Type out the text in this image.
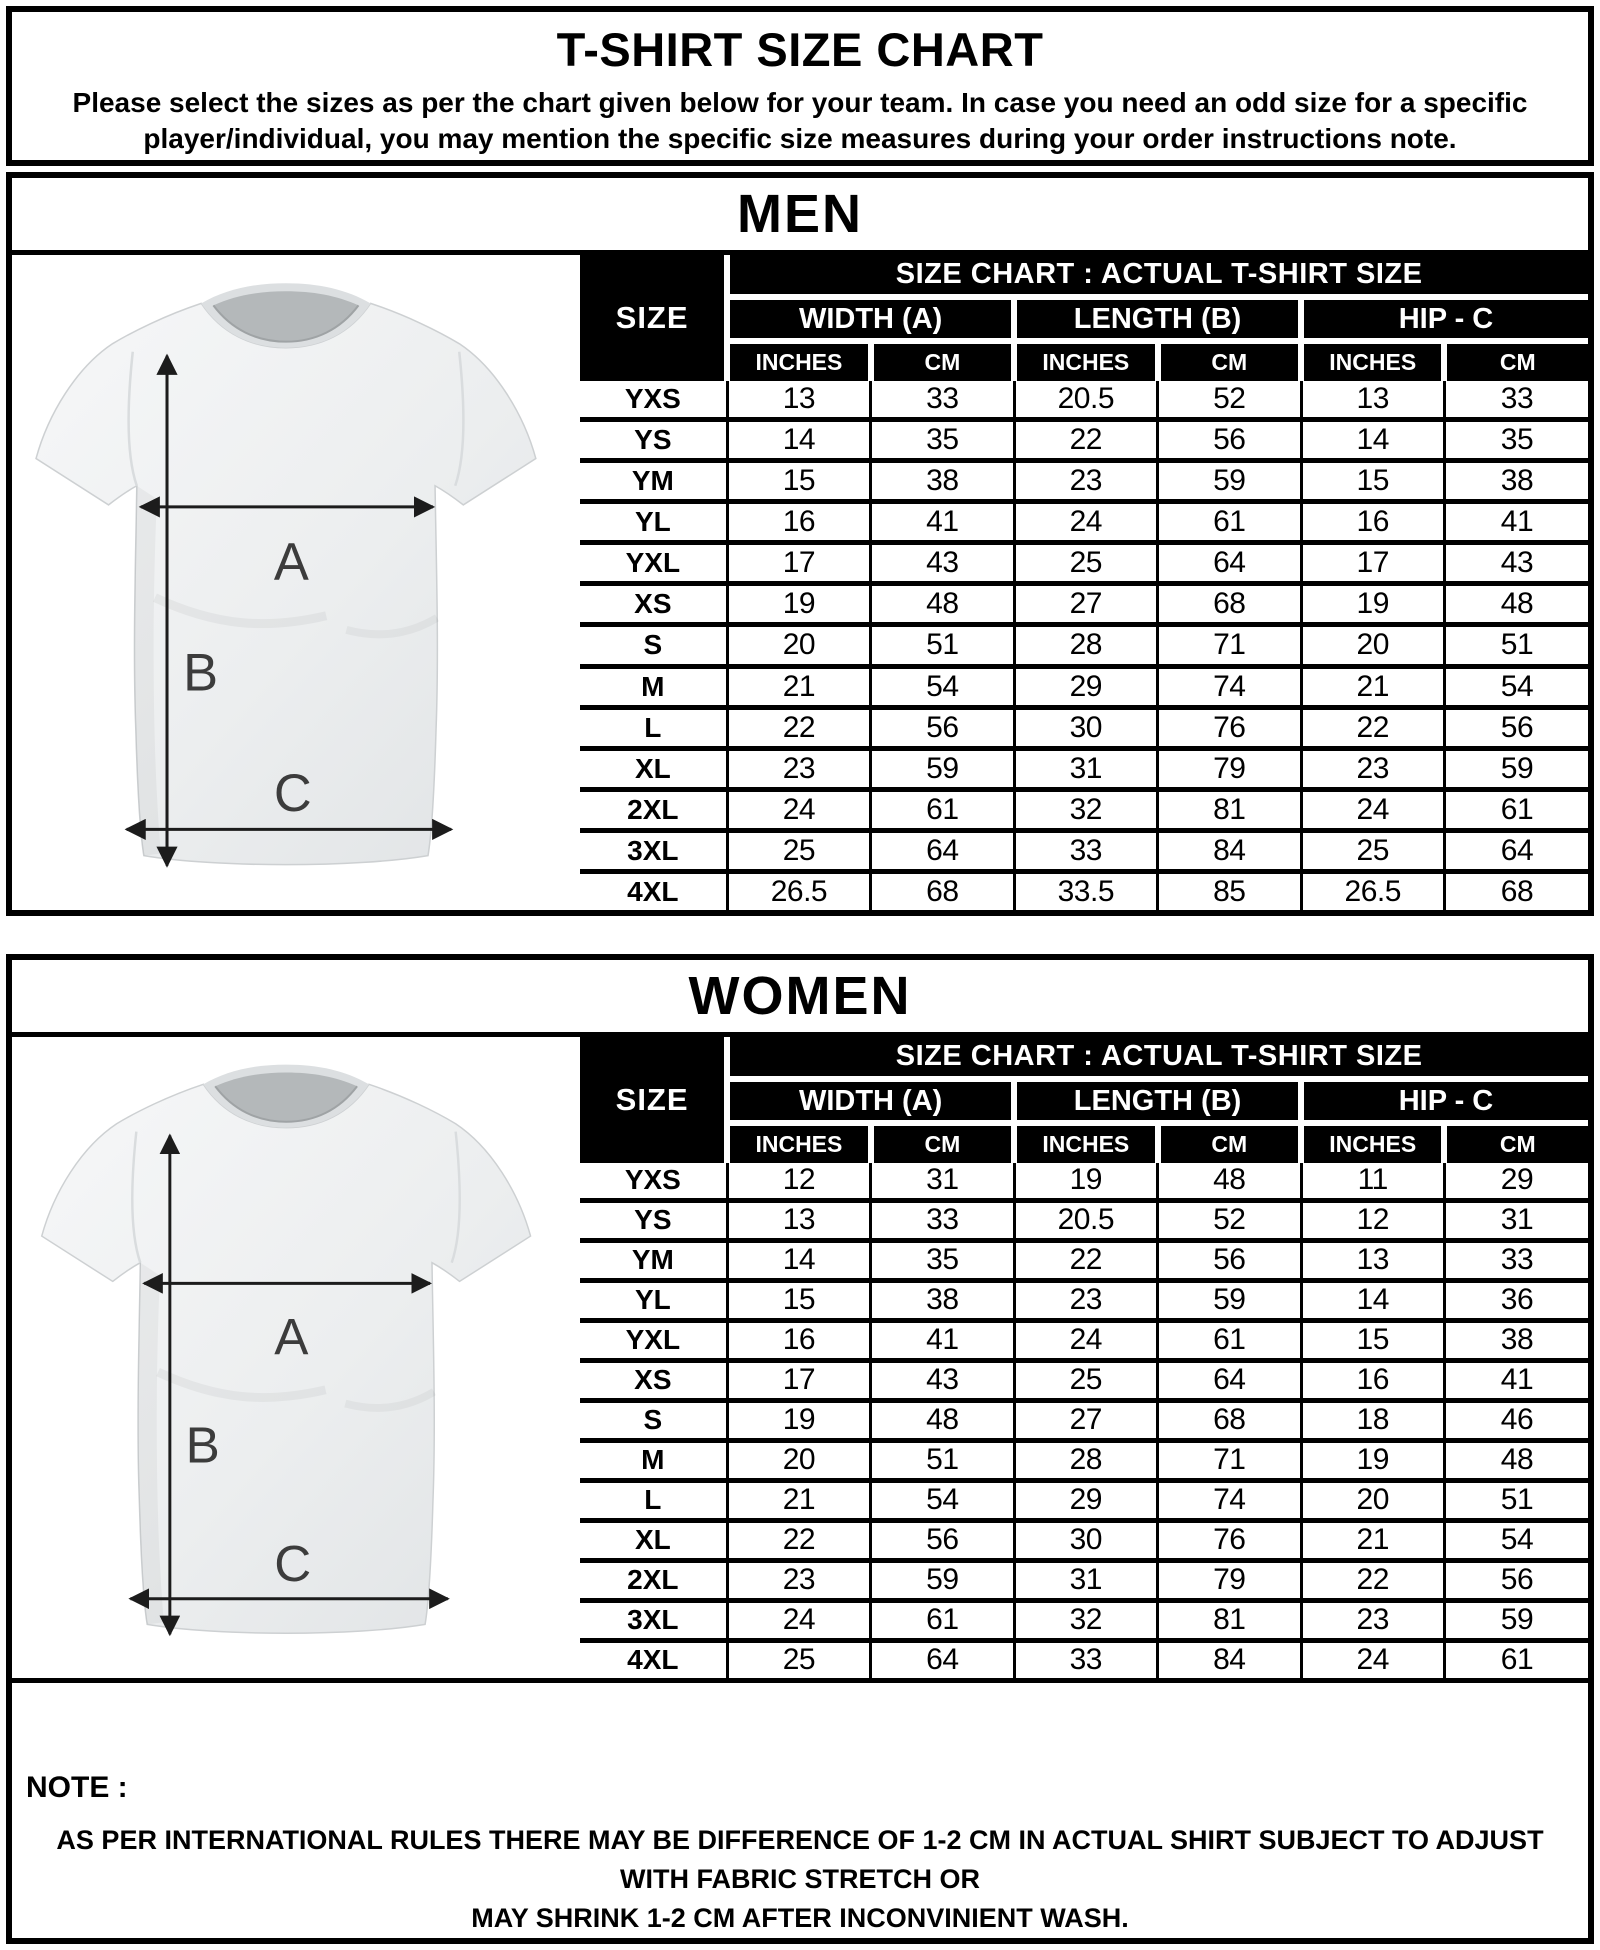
T-SHIRT SIZE CHART
Please select the sizes as per the chart given below for your team. In case you need an odd size for a specific
player/individual, you may mention the specific size measures during your order instructions note.
MEN
A
B
C
SIZE	SIZE CHART : ACTUAL T-SHIRT SIZE					
	WIDTH (A)		LENGTH (B)		HIP - C	
	INCHES	CM	INCHES	CM	INCHES	CM
YXS	13	33	20.5	52	13	33
YS	14	35	22	56	14	35
YM	15	38	23	59	15	38
YL	16	41	24	61	16	41
YXL	17	43	25	64	17	43
XS	19	48	27	68	19	48
S	20	51	28	71	20	51
M	21	54	29	74	21	54
L	22	56	30	76	22	56
XL	23	59	31	79	23	59
2XL	24	61	32	81	24	61
3XL	25	64	33	84	25	64
4XL	26.5	68	33.5	85	26.5	68
WOMEN
A
B
C
SIZE	SIZE CHART : ACTUAL T-SHIRT SIZE					
	WIDTH (A)		LENGTH (B)		HIP - C	
	INCHES	CM	INCHES	CM	INCHES	CM
YXS	12	31	19	48	11	29
YS	13	33	20.5	52	12	31
YM	14	35	22	56	13	33
YL	15	38	23	59	14	36
YXL	16	41	24	61	15	38
XS	17	43	25	64	16	41
S	19	48	27	68	18	46
M	20	51	28	71	19	48
L	21	54	29	74	20	51
XL	22	56	30	76	21	54
2XL	23	59	31	79	22	56
3XL	24	61	32	81	23	59
4XL	25	64	33	84	24	61
NOTE :
AS PER INTERNATIONAL RULES THERE MAY BE DIFFERENCE OF 1-2 CM IN ACTUAL SHIRT SUBJECT TO ADJUST WITH FABRIC STRETCH OR
MAY SHRINK 1-2 CM AFTER INCONVINIENT WASH.
